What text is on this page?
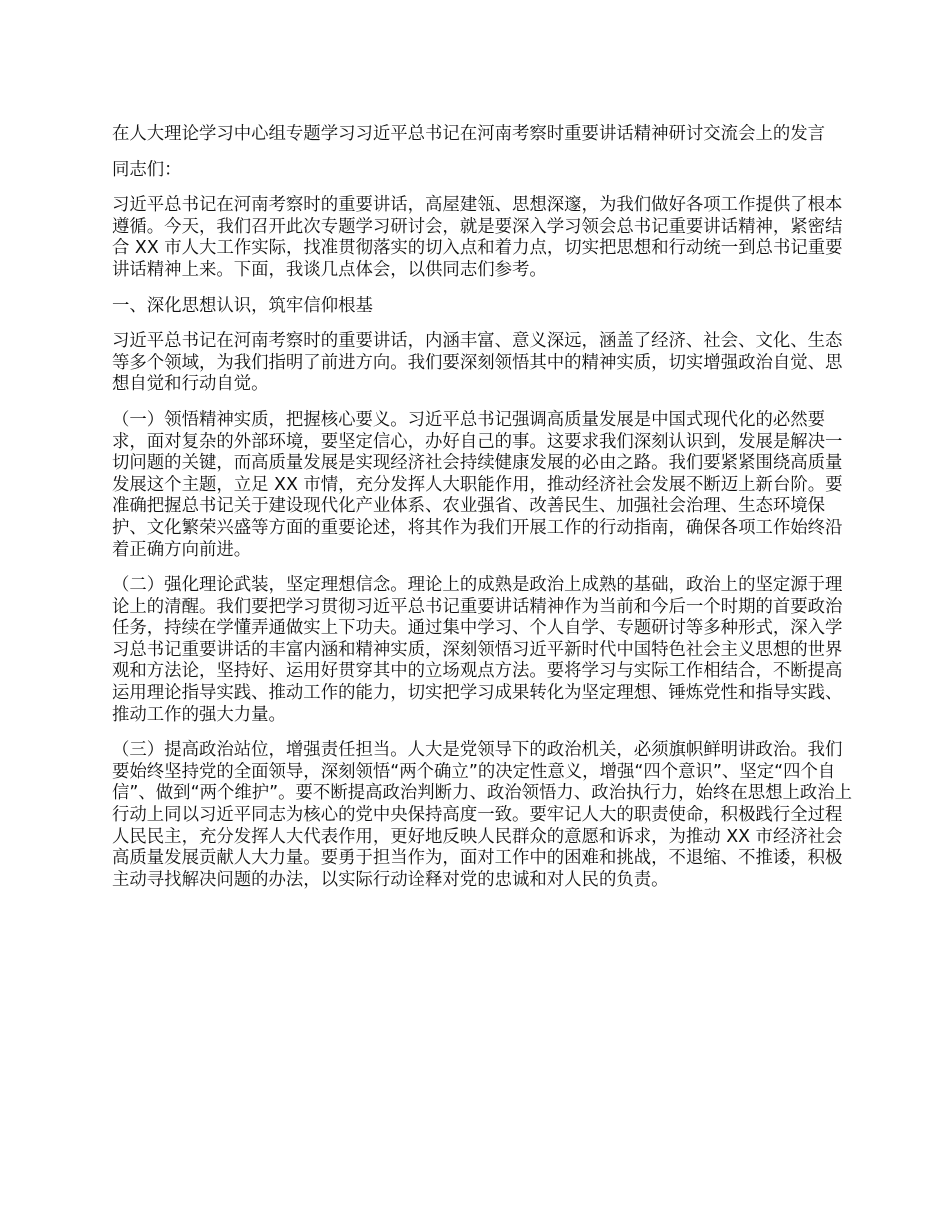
在人大理论学习中心组专题学习习近平总书记在河南考察时重要讲话精神研讨交流会上的发言

同志们：

习近平总书记在河南考察时的重要讲话，高屋建瓴、思想深邃，为我们做好各项工作提供了根本遵循。今天，我们召开此次专题学习研讨会，就是要深入学习领会总书记重要讲话精神，紧密结合 XX 市人大工作实际，找准贯彻落实的切入点和着力点，切实把思想和行动统一到总书记重要讲话精神上来。下面，我谈几点体会，以供同志们参考。

一、深化思想认识，筑牢信仰根基

习近平总书记在河南考察时的重要讲话，内涵丰富、意义深远，涵盖了经济、社会、文化、生态等多个领域，为我们指明了前进方向。我们要深刻领悟其中的精神实质，切实增强政治自觉、思想自觉和行动自觉。

（一）领悟精神实质，把握核心要义。习近平总书记强调高质量发展是中国式现代化的必然要求，面对复杂的外部环境，要坚定信心，办好自己的事。这要求我们深刻认识到，发展是解决一切问题的关键，而高质量发展是实现经济社会持续健康发展的必由之路。我们要紧紧围绕高质量发展这个主题，立足 XX 市情，充分发挥人大职能作用，推动经济社会发展不断迈上新台阶。要准确把握总书记关于建设现代化产业体系、农业强省、改善民生、加强社会治理、生态环境保护、文化繁荣兴盛等方面的重要论述，将其作为我们开展工作的行动指南，确保各项工作始终沿着正确方向前进。

（二）强化理论武装，坚定理想信念。理论上的成熟是政治上成熟的基础，政治上的坚定源于理论上的清醒。我们要把学习贯彻习近平总书记重要讲话精神作为当前和今后一个时期的首要政治任务，持续在学懂弄通做实上下功夫。通过集中学习、个人自学、专题研讨等多种形式，深入学习总书记重要讲话的丰富内涵和精神实质，深刻领悟习近平新时代中国特色社会主义思想的世界观和方法论，坚持好、运用好贯穿其中的立场观点方法。要将学习与实际工作相结合，不断提高运用理论指导实践、推动工作的能力，切实把学习成果转化为坚定理想、锤炼党性和指导实践、推动工作的强大力量。

（三）提高政治站位，增强责任担当。人大是党领导下的政治机关，必须旗帜鲜明讲政治。我们要始终坚持党的全面领导，深刻领悟“两个确立”的决定性意义，增强“四个意识”、坚定“四个自信”、做到“两个维护”。要不断提高政治判断力、政治领悟力、政治执行力，始终在思想上政治上行动上同以习近平同志为核心的党中央保持高度一致。要牢记人大的职责使命，积极践行全过程人民民主，充分发挥人大代表作用，更好地反映人民群众的意愿和诉求，为推动 XX 市经济社会高质量发展贡献人大力量。要勇于担当作为，面对工作中的困难和挑战，不退缩、不推诿，积极主动寻找解决问题的办法，以实际行动诠释对党的忠诚和对人民的负责。
